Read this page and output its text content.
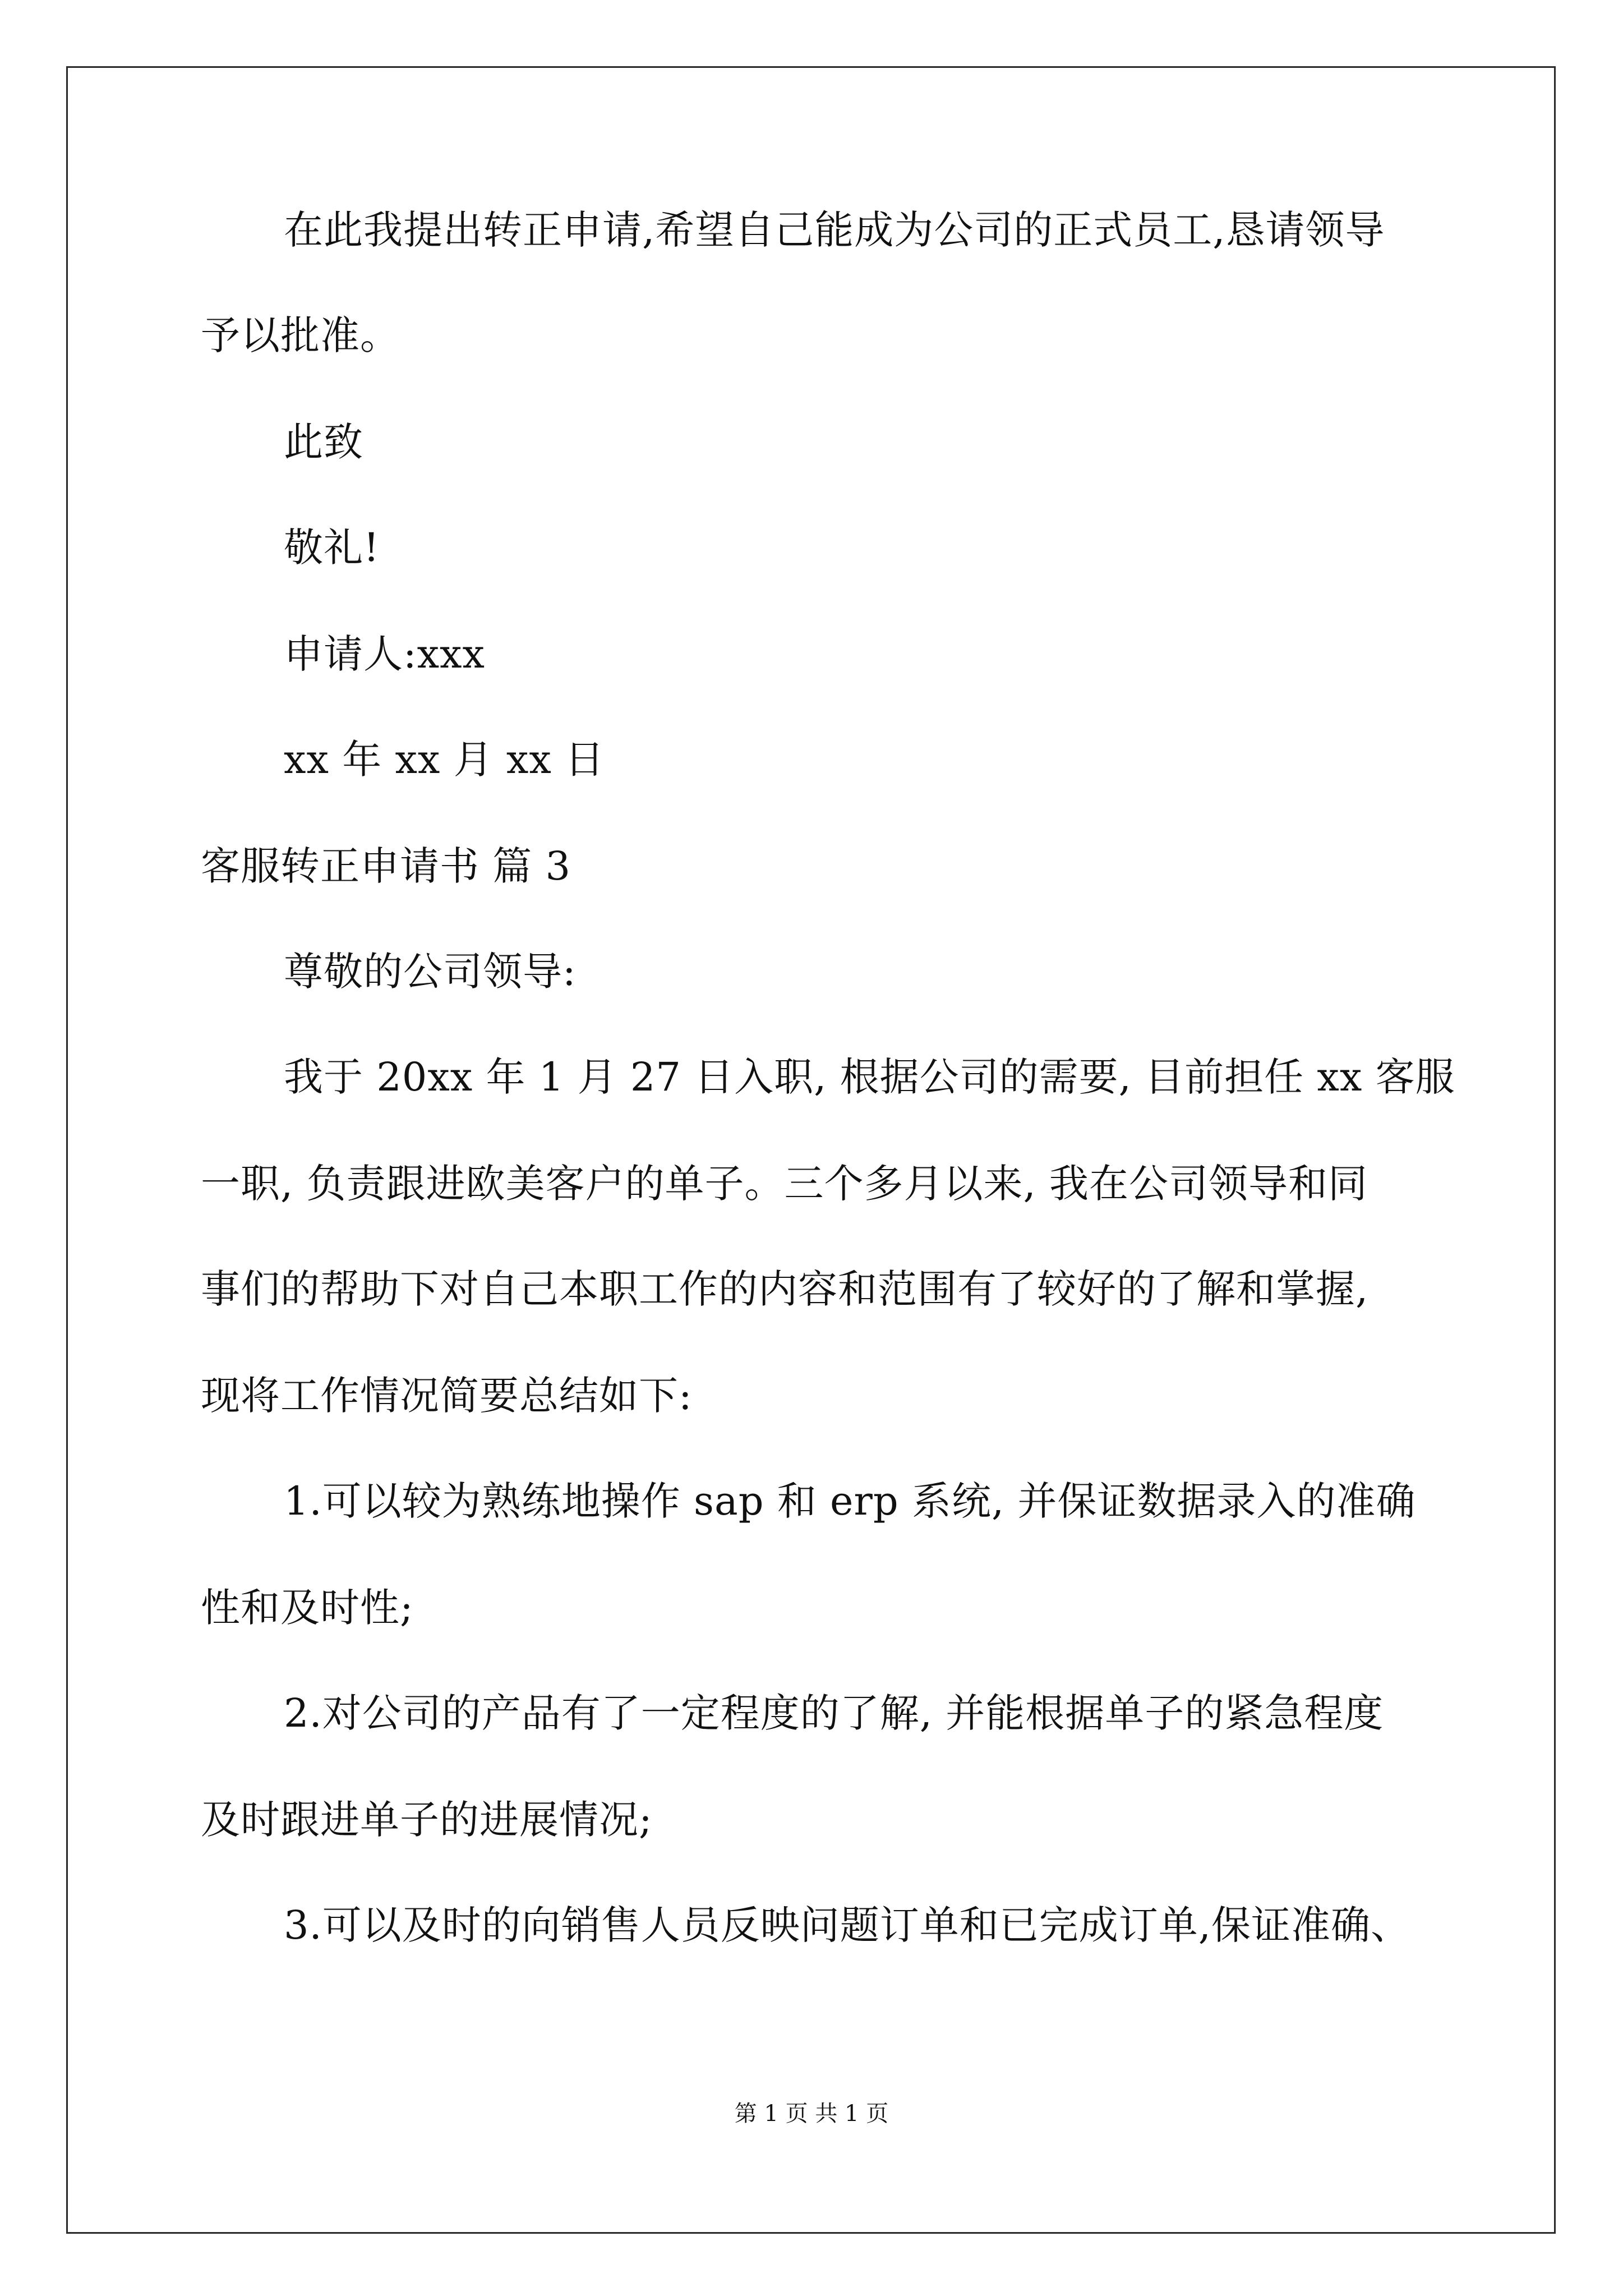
在此我提出转正申请,希望自己能成为公司的正式员工,恳请领导
予以批准。
此致
敬礼!
申请人:xxx
xx 年 xx 月 xx 日
客服转正申请书 篇 3
尊敬的公司领导:
我于 20xx 年 1 月 27 日入职, 根据公司的需要, 目前担任 xx 客服
一职, 负责跟进欧美客户的单子。三个多月以来, 我在公司领导和同
事们的帮助下对自己本职工作的内容和范围有了较好的了解和掌握,
现将工作情况简要总结如下:
1.可以较为熟练地操作 sap 和 erp 系统, 并保证数据录入的准确
性和及时性;
2.对公司的产品有了一定程度的了解, 并能根据单子的紧急程度
及时跟进单子的进展情况;
3.可以及时的向销售人员反映问题订单和已完成订单,保证准确、
第 1 页 共 1 页
